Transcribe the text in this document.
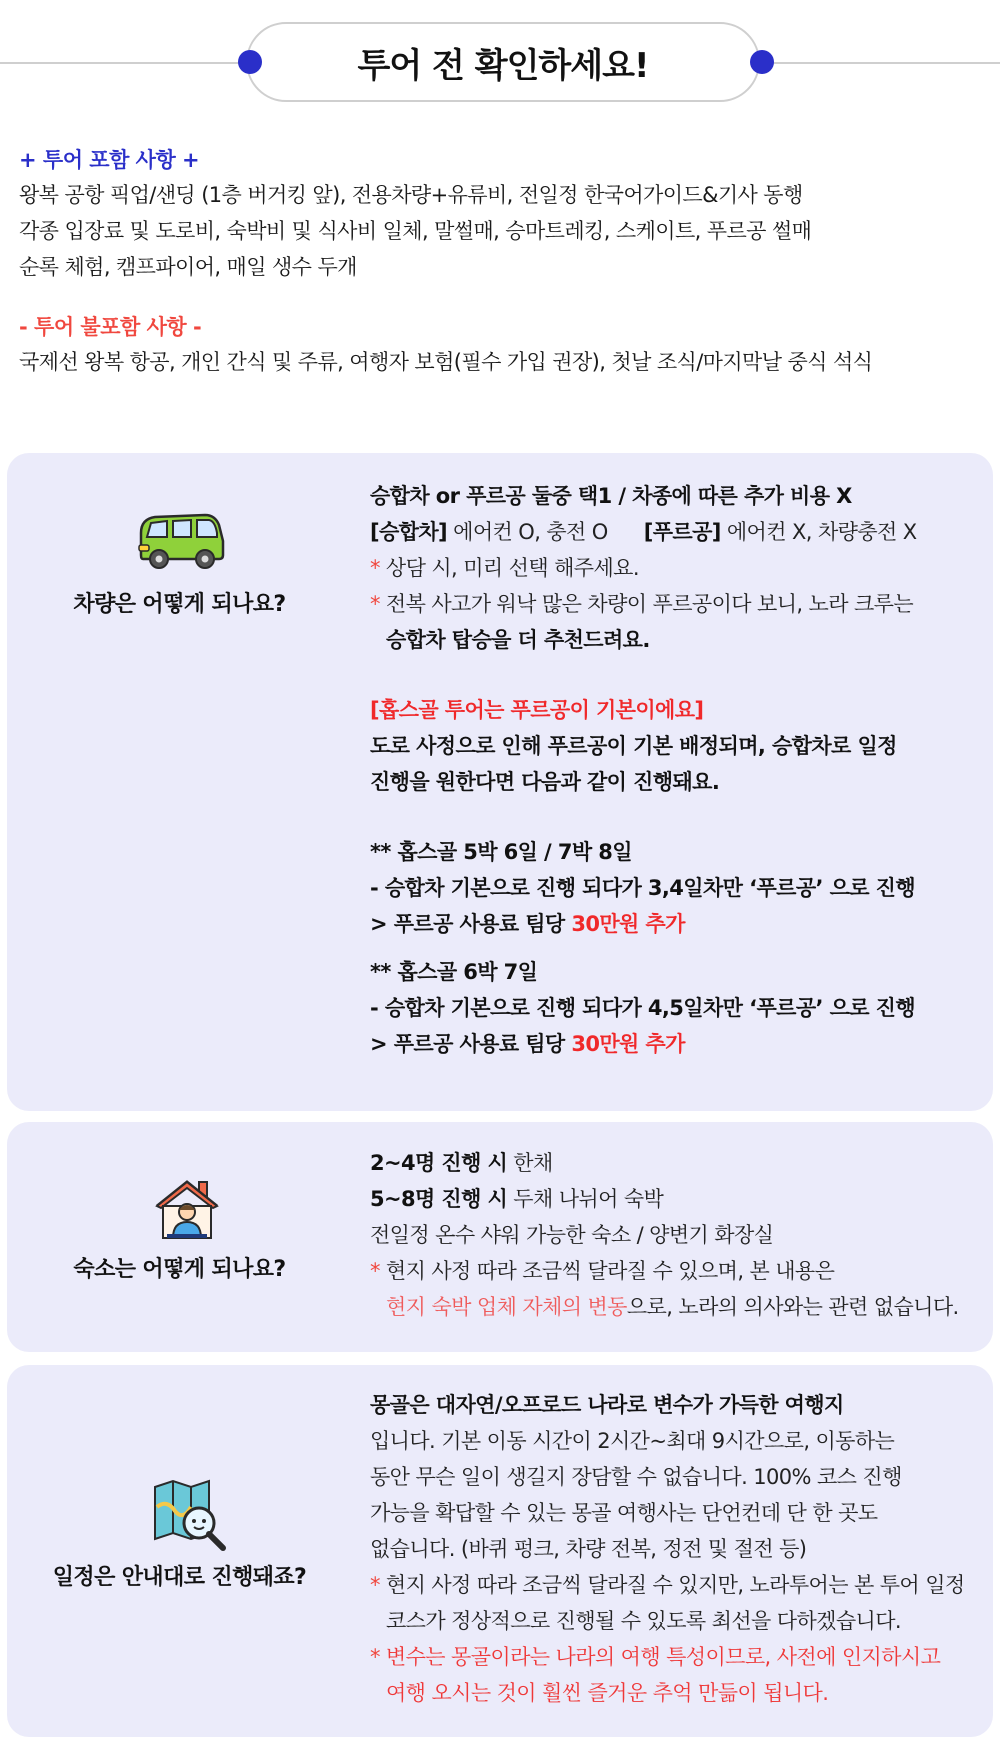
투어 전 확인하세요!
+ 투어 포함 사항 +
왕복 공항 픽업/샌딩 (1층 버거킹 앞), 전용차량+유류비, 전일정 한국어가이드&기사 동행
각종 입장료 및 도로비, 숙박비 및 식사비 일체, 말썰매, 승마트레킹, 스케이트, 푸르공 썰매
순록 체험, 캠프파이어, 매일 생수 두개
- 투어 불포함 사항 -
국제선 왕복 항공, 개인 간식 및 주류, 여행자 보험(필수 가입 권장), 첫날 조식/마지막날 중식 석식
차량은 어떻게 되나요?

승합차 or 푸르공 둘중 택1 / 차종에 따른 추가 비용 X

[승합차] 에어컨 O, 충전 O [푸르공] 에어컨 X, 차량충전 X

* 상담 시, 미리 선택 해주세요.

* 전복 사고가 워낙 많은 차량이 푸르공이다 보니, 노라 크루는

승합차 탑승을 더 추천드려요.

[홉스골 투어는 푸르공이 기본이에요]

도로 사정으로 인해 푸르공이 기본 배정되며, 승합차로 일정

진행을 원한다면 다음과 같이 진행돼요.

** 홉스골 5박 6일 / 7박 8일

- 승합차 기본으로 진행 되다가 3,4일차만 ‘푸르공’ 으로 진행

> 푸르공 사용료 팀당 30만원 추가

** 홉스골 6박 7일

- 승합차 기본으로 진행 되다가 4,5일차만 ‘푸르공’ 으로 진행

> 푸르공 사용료 팀당 30만원 추가

숙소는 어떻게 되나요?

2~4명 진행 시 한채

5~8명 진행 시 두채 나뉘어 숙박

전일정 온수 샤워 가능한 숙소 / 양변기 화장실

* 현지 사정 따라 조금씩 달라질 수 있으며, 본 내용은

현지 숙박 업체 자체의 변동으로, 노라의 의사와는 관련 없습니다.

일정은 안내대로 진행돼죠?

몽골은 대자연/오프로드 나라로 변수가 가득한 여행지

입니다. 기본 이동 시간이 2시간~최대 9시간으로, 이동하는

동안 무슨 일이 생길지 장담할 수 없습니다. 100% 코스 진행

가능을 확답할 수 있는 몽골 여행사는 단언컨데 단 한 곳도

없습니다. (바퀴 펑크, 차량 전복, 정전 및 절전 등)

* 현지 사정 따라 조금씩 달라질 수 있지만, 노라투어는 본 투어 일정

코스가 정상적으로 진행될 수 있도록 최선을 다하겠습니다.

* 변수는 몽골이라는 나라의 여행 특성이므로, 사전에 인지하시고

여행 오시는 것이 훨씬 즐거운 추억 만듦이 됩니다.
